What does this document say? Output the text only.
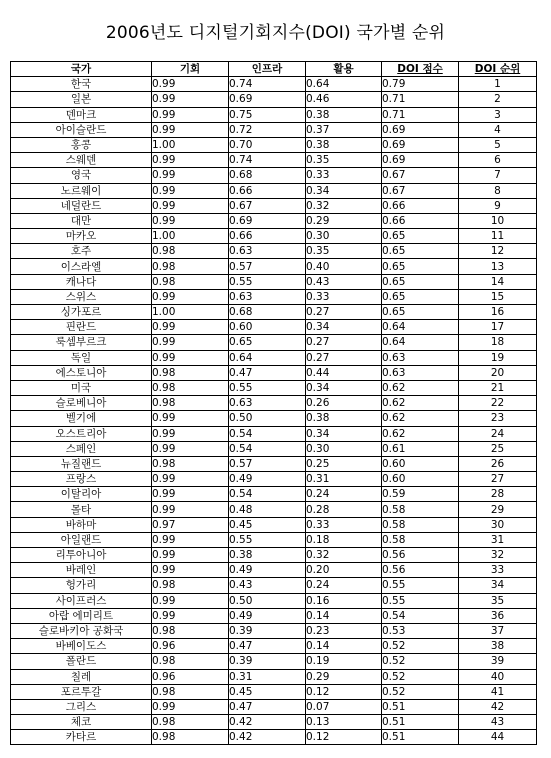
2006년도 디지털기회지수(DOI) 국가별 순위
국가	기회	인프라	활용	DOI 점수	DOI 순위
한국	0.99	0.74	0.64	0.79	1
일본	0.99	0.69	0.46	0.71	2
덴마크	0.99	0.75	0.38	0.71	3
아이슬란드	0.99	0.72	0.37	0.69	4
홍콩	1.00	0.70	0.38	0.69	5
스웨덴	0.99	0.74	0.35	0.69	6
영국	0.99	0.68	0.33	0.67	7
노르웨이	0.99	0.66	0.34	0.67	8
네덜란드	0.99	0.67	0.32	0.66	9
대만	0.99	0.69	0.29	0.66	10
마카오	1.00	0.66	0.30	0.65	11
호주	0.98	0.63	0.35	0.65	12
이스라엘	0.98	0.57	0.40	0.65	13
캐나다	0.98	0.55	0.43	0.65	14
스위스	0.99	0.63	0.33	0.65	15
싱가포르	1.00	0.68	0.27	0.65	16
핀란드	0.99	0.60	0.34	0.64	17
룩셈부르크	0.99	0.65	0.27	0.64	18
독일	0.99	0.64	0.27	0.63	19
에스토니아	0.98	0.47	0.44	0.63	20
미국	0.98	0.55	0.34	0.62	21
슬로베니아	0.98	0.63	0.26	0.62	22
벨기에	0.99	0.50	0.38	0.62	23
오스트리아	0.99	0.54	0.34	0.62	24
스페인	0.99	0.54	0.30	0.61	25
뉴질랜드	0.98	0.57	0.25	0.60	26
프랑스	0.99	0.49	0.31	0.60	27
이탈리아	0.99	0.54	0.24	0.59	28
몰타	0.99	0.48	0.28	0.58	29
바하마	0.97	0.45	0.33	0.58	30
아일랜드	0.99	0.55	0.18	0.58	31
리투아니아	0.99	0.38	0.32	0.56	32
바레인	0.99	0.49	0.20	0.56	33
헝가리	0.98	0.43	0.24	0.55	34
사이프러스	0.99	0.50	0.16	0.55	35
아랍 에미리트	0.99	0.49	0.14	0.54	36
슬로바키아 공화국	0.98	0.39	0.23	0.53	37
바베이도스	0.96	0.47	0.14	0.52	38
폴란드	0.98	0.39	0.19	0.52	39
칠레	0.96	0.31	0.29	0.52	40
포르투갈	0.98	0.45	0.12	0.52	41
그리스	0.99	0.47	0.07	0.51	42
체코	0.98	0.42	0.13	0.51	43
카타르	0.98	0.42	0.12	0.51	44
